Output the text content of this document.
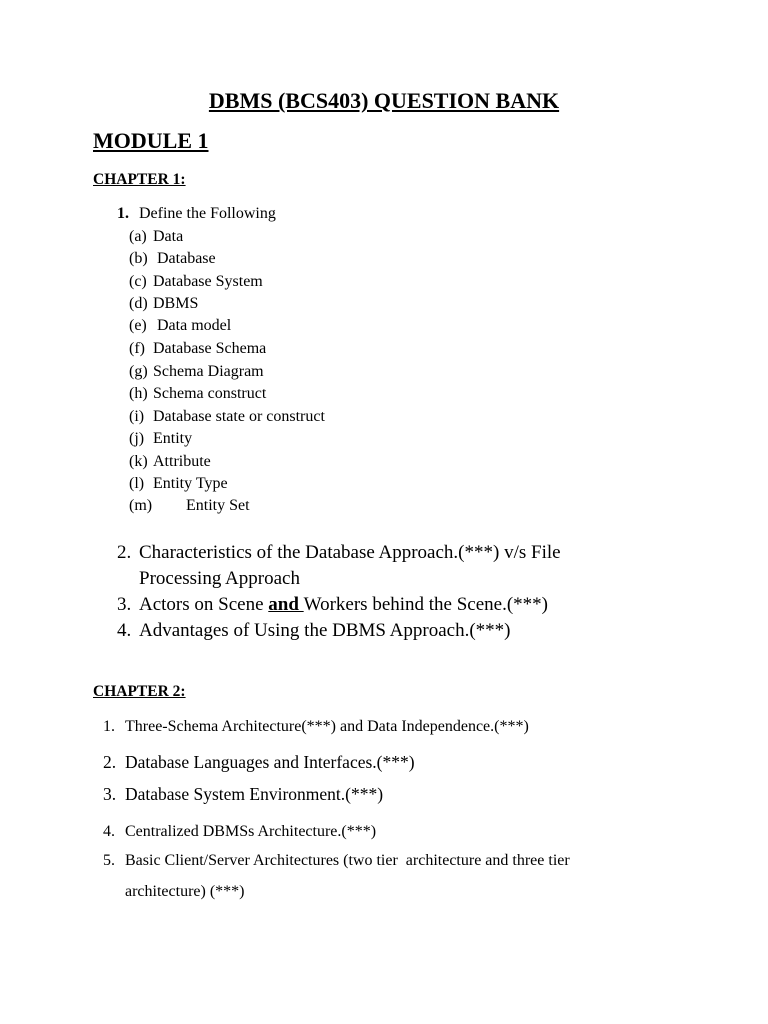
DBMS (BCS403) QUESTION BANK
MODULE 1
CHAPTER 1:
1. Define the Following
(a) Data
(b) Database
(c) Database System
(d) DBMS
(e) Data model
(f) Database Schema
(g) Schema Diagram
(h) Schema construct
(i) Database state or construct
(j) Entity
(k) Attribute
(l) Entity Type
(m) Entity Set
2. Characteristics of the Database Approach.(***) v/s File
Processing Approach
3. Actors on Scene and Workers behind the Scene.(***)
4. Advantages of Using the DBMS Approach.(***)
CHAPTER 2:
1. Three-Schema Architecture(***) and Data Independence.(***)
2. Database Languages and Interfaces.(***)
3. Database System Environment.(***)
4. Centralized DBMSs Architecture.(***)
5. Basic Client/Server Architectures (two tier  architecture and three tier
architecture) (***)
